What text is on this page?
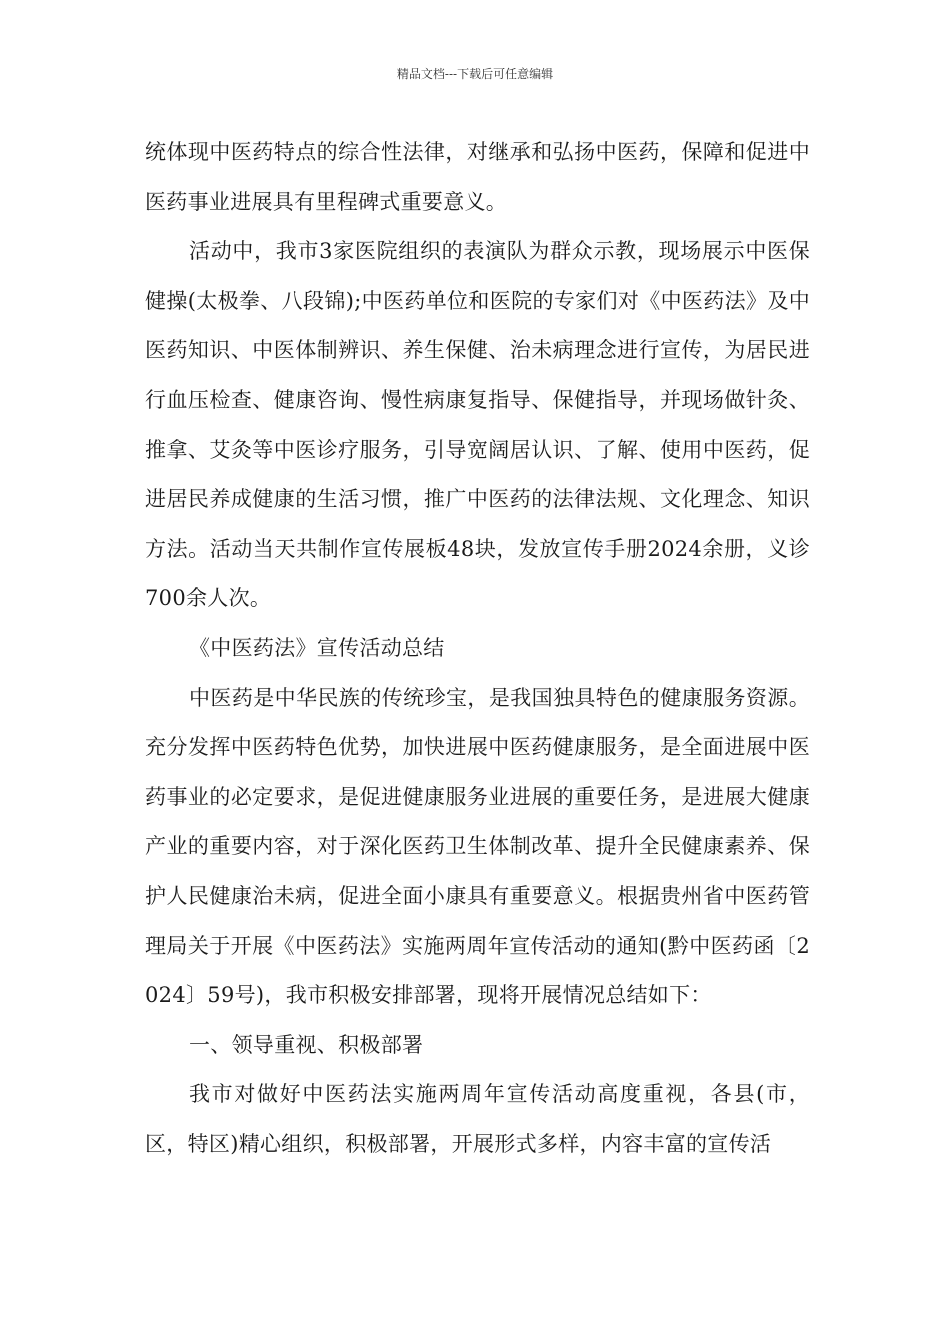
精品文档---下载后可任意编辑

统体现中医药特点的综合性法律，对继承和弘扬中医药，保障和促进中医药事业进展具有里程碑式重要意义。

活动中，我市3家医院组织的表演队为群众示教，现场展示中医保健操(太极拳、八段锦);中医药单位和医院的专家们对《中医药法》及中医药知识、中医体制辨识、养生保健、治未病理念进行宣传，为居民进行血压检查、健康咨询、慢性病康复指导、保健指导，并现场做针灸、推拿、艾灸等中医诊疗服务，引导宽阔居认识、了解、使用中医药，促进居民养成健康的生活习惯，推广中医药的法律法规、文化理念、知识方法。活动当天共制作宣传展板48块，发放宣传手册2024余册，义诊700余人次。

《中医药法》宣传活动总结

中医药是中华民族的传统珍宝，是我国独具特色的健康服务资源。充分发挥中医药特色优势，加快进展中医药健康服务，是全面进展中医药事业的必定要求，是促进健康服务业进展的重要任务，是进展大健康产业的重要内容，对于深化医药卫生体制改革、提升全民健康素养、保护人民健康治未病，促进全面小康具有重要意义。根据贵州省中医药管理局关于开展《中医药法》实施两周年宣传活动的通知(黔中医药函〔2024〕59号)，我市积极安排部署，现将开展情况总结如下：

一、领导重视、积极部署

我市对做好中医药法实施两周年宣传活动高度重视，各县(市，区，特区)精心组织，积极部署，开展形式多样，内容丰富的宣传活
